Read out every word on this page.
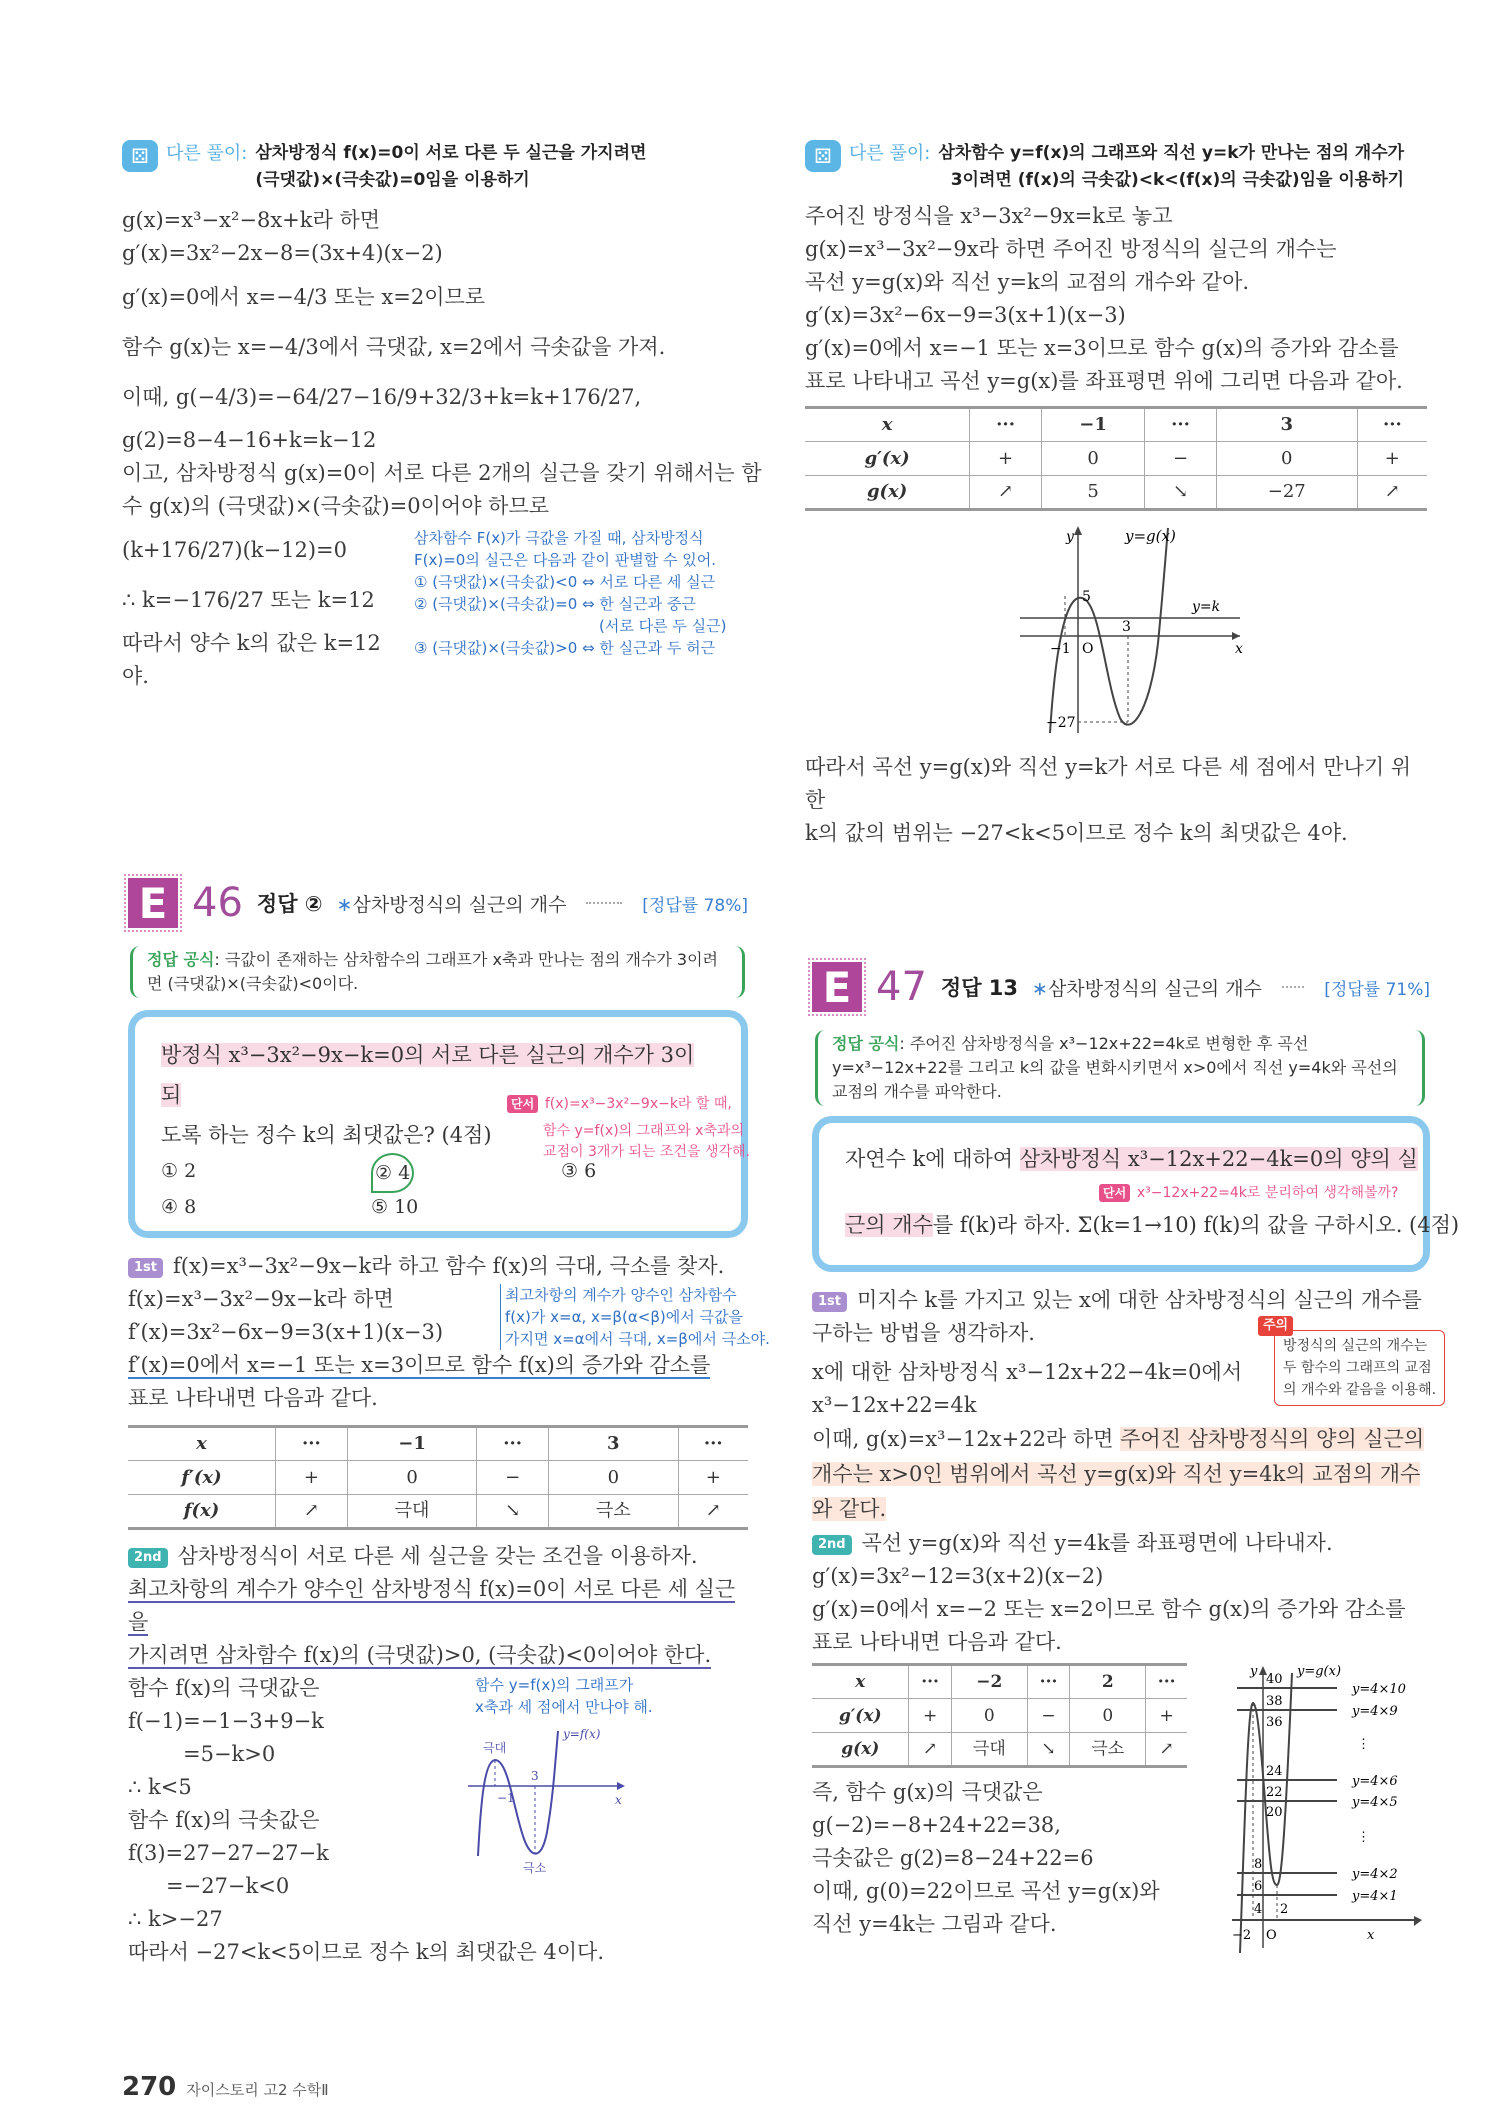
⚄ 다른 풀이: 삼차방정식 f(x)=0이 서로 다른 두 실근을 가지려면
(극댓값)×(극솟값)=0임을 이용하기
g(x)=x³−x²−8x+k라 하면
g′(x)=3x²−2x−8=(3x+4)(x−2)
g′(x)=0에서 x=−4/3 또는 x=2이므로
함수 g(x)는 x=−4/3에서 극댓값, x=2에서 극솟값을 가져.
이때, g(−4/3)=−64/27−16/9+32/3+k=k+176/27,
g(2)=8−4−16+k=k−12
이고, 삼차방정식 g(x)=0이 서로 다른 2개의 실근을 갖기 위해서는 함
수 g(x)의 (극댓값)×(극솟값)=0이어야 하므로
(k+176/27)(k−12)=0
∴ k=−176/27 또는 k=12
따라서 양수 k의 값은 k=12야.
삼차함수 F(x)가 극값을 가질 때, 삼차방정식
F(x)=0의 실근은 다음과 같이 판별할 수 있어.
① (극댓값)×(극솟값)<0 ⇔ 서로 다른 세 실근
② (극댓값)×(극솟값)=0 ⇔ 한 실근과 중근
(서로 다른 두 실근)
③ (극댓값)×(극솟값)>0 ⇔ 한 실근과 두 허근
⚄ 다른 풀이: 삼차함수 y=f(x)의 그래프와 직선 y=k가 만나는 점의 개수가
3이려면 (f(x)의 극솟값)<k<(f(x)의 극솟값)임을 이용하기
주어진 방정식을 x³−3x²−9x=k로 놓고
g(x)=x³−3x²−9x라 하면 주어진 방정식의 실근의 개수는
곡선 y=g(x)와 직선 y=k의 교점의 개수와 같아.
g′(x)=3x²−6x−9=3(x+1)(x−3)
g′(x)=0에서 x=−1 또는 x=3이므로 함수 g(x)의 증가와 감소를
표로 나타내고 곡선 y=g(x)를 좌표평면 위에 그리면 다음과 같아.
x	···	−1	···	3	···
g′(x)	+	0	−	0	+
g(x)	↗	5	↘	−27	↗
y	y=g(x)
5
y=k
3
−1 O	x
−27
따라서 곡선 y=g(x)와 직선 y=k가 서로 다른 세 점에서 만나기 위한
k의 값의 범위는 −27<k<5이므로 정수 k의 최댓값은 4야.
E 46 정답 ② ∗삼차방정식의 실근의 개수	[정답률 78%]
정답 공식: 극값이 존재하는 삼차함수의 그래프가 x축과 만나는 점의 개수가 3이려면 (극댓값)×(극솟값)<0이다.
방정식 x³−3x²−9x−k=0의 서로 다른 실근의 개수가 3이 되
도록 하는 정수 k의 최댓값은? (4점)
단서 f(x)=x³−3x²−9x−k라 할 때,
함수 y=f(x)의 그래프와 x축과의
교점이 3개가 되는 조건을 생각해.
① 2	② 4	③ 6
④ 8	⑤ 10
1st f(x)=x³−3x²−9x−k라 하고 함수 f(x)의 극대, 극소를 찾자.
f(x)=x³−3x²−9x−k라 하면
f′(x)=3x²−6x−9=3(x+1)(x−3)
f′(x)=0에서 x=−1 또는 x=3이므로 함수 f(x)의 증가와 감소를
표로 나타내면 다음과 같다.
최고차항의 계수가 양수인 삼차함수
f(x)가 x=α, x=β(α<β)에서 극값을
가지면 x=α에서 극대, x=β에서 극소야.
x	···	−1	···	3	···
f′(x)	+	0	−	0	+
f(x)	↗	극대	↘	극소	↗
2nd 삼차방정식이 서로 다른 세 실근을 갖는 조건을 이용하자.
최고차항의 계수가 양수인 삼차방정식 f(x)=0이 서로 다른 세 실근을
가지려면 삼차함수 f(x)의 (극댓값)>0, (극솟값)<0이어야 한다.
함수 y=f(x)의 그래프가
x축과 세 점에서 만나야 해.
y=f(x)
극대
3
−1	x
극소
함수 f(x)의 극댓값은
f(−1)=−1−3+9−k
=5−k>0
∴ k<5
함수 f(x)의 극솟값은
f(3)=27−27−27−k
=−27−k<0
∴ k>−27
따라서 −27<k<5이므로 정수 k의 최댓값은 4이다.
E 47 정답 13 ∗삼차방정식의 실근의 개수	[정답률 71%]
정답 공식: 주어진 삼차방정식을 x³−12x+22=4k로 변형한 후 곡선 y=x³−12x+22를 그리고 k의 값을 변화시키면서 x>0에서 직선 y=4k와 곡선의 교점의 개수를 파악한다.
자연수 k에 대하여 삼차방정식 x³−12x+22−4k=0의 양의 실
근의 개수를 f(k)라 하자. Σ(k=1→10) f(k)의 값을 구하시오. (4점)
단서 x³−12x+22=4k로 분리하여 생각해볼까?
1st 미지수 k를 가지고 있는 x에 대한 삼차방정식의 실근의 개수를 구하는 방법을 생각하자.
x에 대한 삼차방정식 x³−12x+22−4k=0에서
x³−12x+22=4k
주의
방정식의 실근의 개수는
두 함수의 그래프의 교점
의 개수와 같음을 이용해.
이때, g(x)=x³−12x+22라 하면 주어진 삼차방정식의 양의 실근의 개수는 x>0인 범위에서 곡선 y=g(x)와 직선 y=4k의 교점의 개수와 같다.
2nd 곡선 y=g(x)와 직선 y=4k를 좌표평면에 나타내자.
g′(x)=3x²−12=3(x+2)(x−2)
g′(x)=0에서 x=−2 또는 x=2이므로 함수 g(x)의 증가와 감소를
표로 나타내면 다음과 같다.
x	···	−2	···	2	···
g′(x)	+	0	−	0	+
g(x)	↗	극대	↘	극소	↗
즉, 함수 g(x)의 극댓값은
g(−2)=−8+24+22=38,
극솟값은 g(2)=8−24+22=6
이때, g(0)=22이므로 곡선 y=g(x)와
직선 y=4k는 그림과 같다.
y	y=g(x)
40
38
36
24
22
20
8
6
4 2
−2 O	x
y=4×10
y=4×9
⋮
y=4×6
y=4×5
⋮
y=4×2
y=4×1
270 자이스토리 고2 수학Ⅱ
